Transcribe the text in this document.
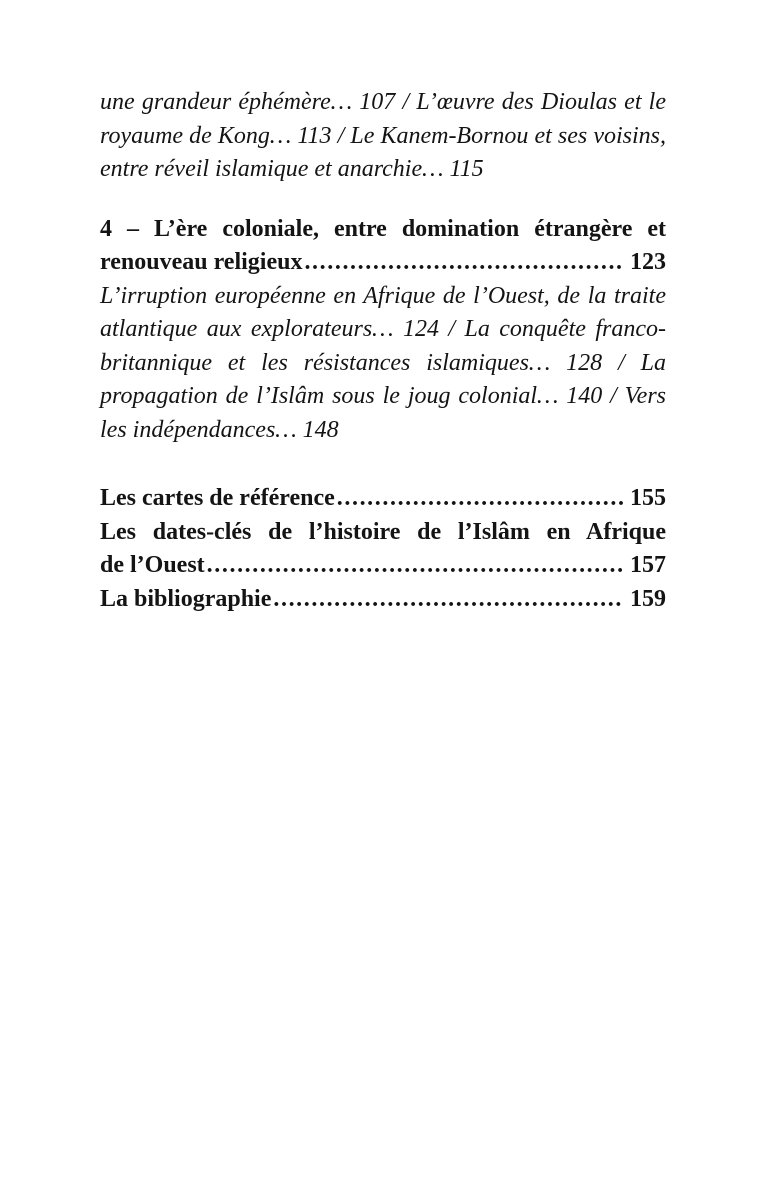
une grandeur éphémère… 107 / L’œuvre des Dioulas et le royaume de Kong… 113 / Le Kanem-Bornou et ses voisins, entre réveil islamique et anarchie… 115

4 – L’ère coloniale, entre domination étrangère et
renouveau religieux .....	123

L’irruption européenne en Afrique de l’Ouest, de la traite atlantique aux explorateurs… 124 / La conquête franco-britannique et les résistances islamiques… 128 / La propagation de l’Islâm sous le joug colonial… 140 / Vers les indépendances… 148

Les cartes de référence .....	155
Les dates-clés de l’histoire de l’Islâm en Afrique
de l’Ouest .....	157
La bibliographie .....	159
